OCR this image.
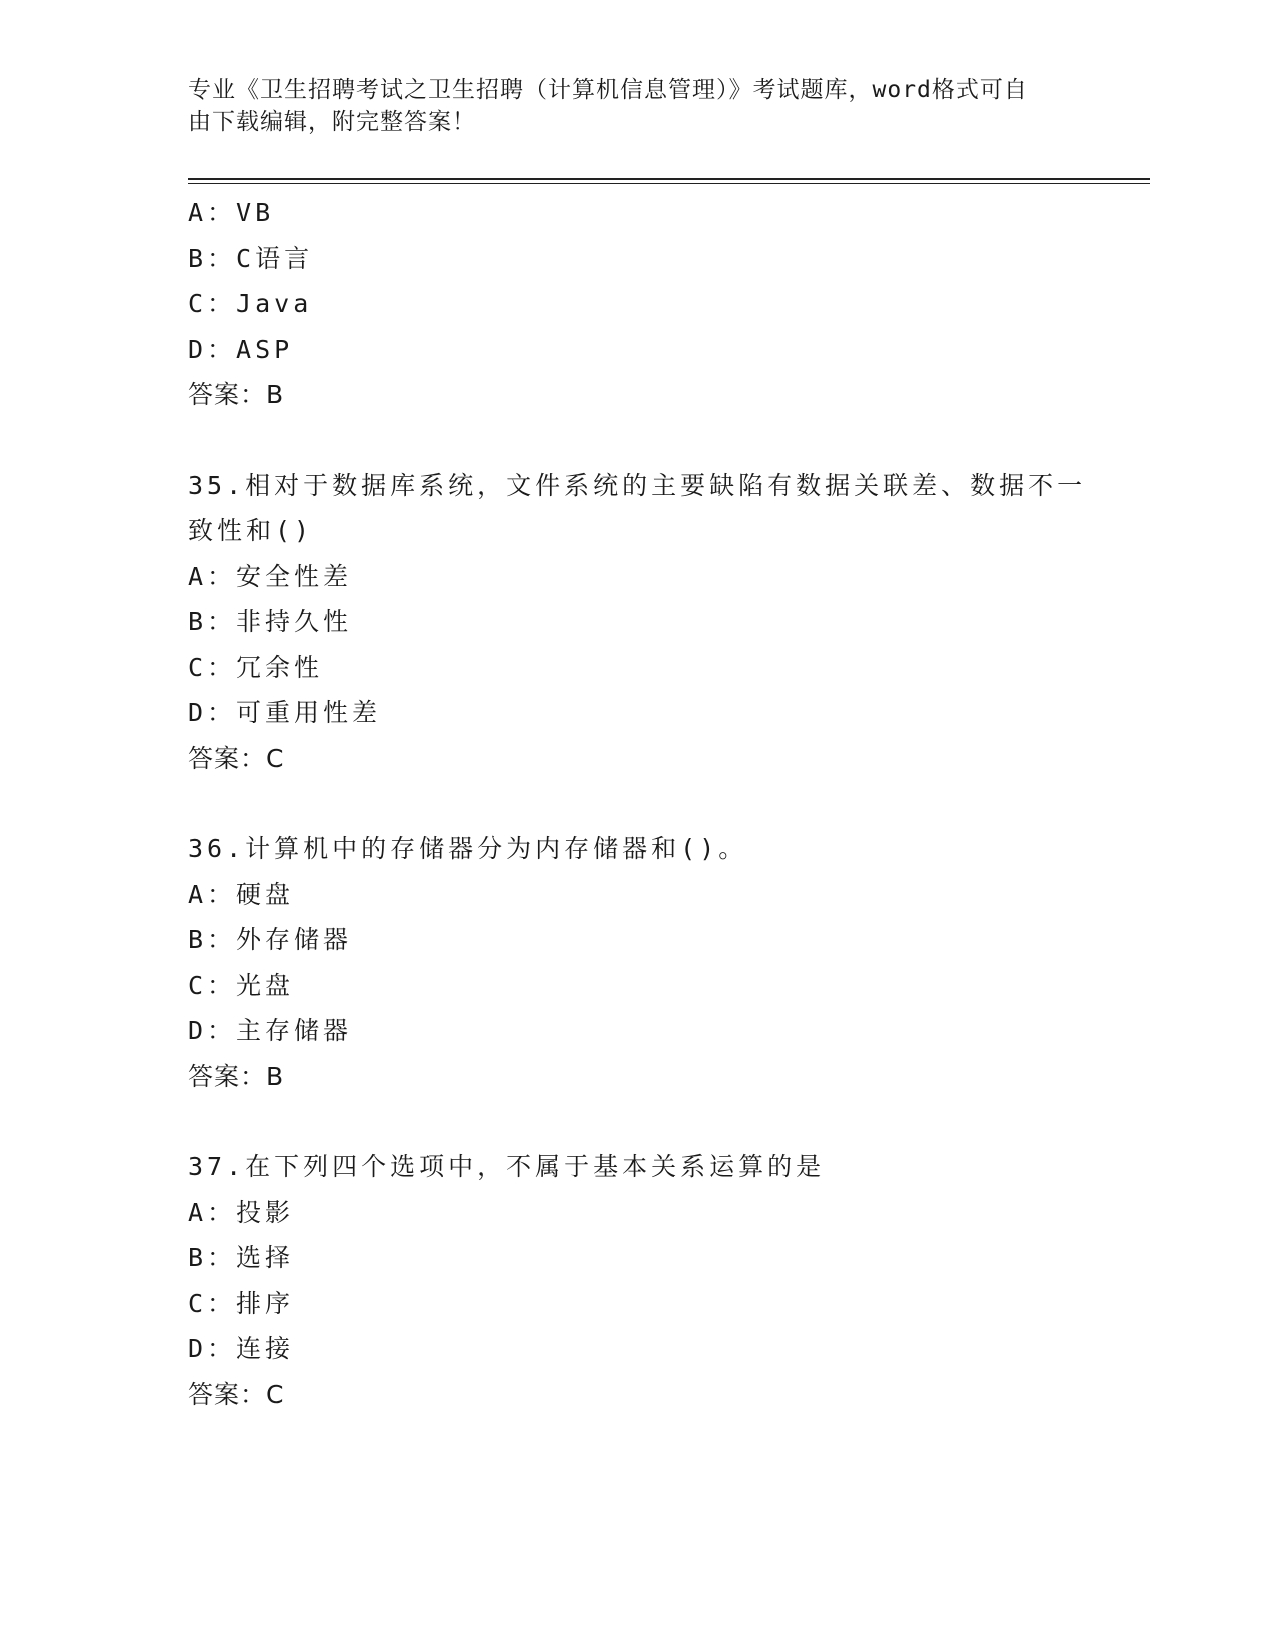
专业《卫生招聘考试之卫生招聘（计算机信息管理）》考试题库，word格式可自
由下载编辑，附完整答案！
A：VB
B：C语言
C：Java
D：ASP
答案：B
35.相对于数据库系统，文件系统的主要缺陷有数据关联差、数据不一
致性和()
A：安全性差
B：非持久性
C：冗余性
D：可重用性差
答案：C
36.计算机中的存储器分为内存储器和()。
A：硬盘
B：外存储器
C：光盘
D：主存储器
答案：B
37.在下列四个选项中，不属于基本关系运算的是
A：投影
B：选择
C：排序
D：连接
答案：C
